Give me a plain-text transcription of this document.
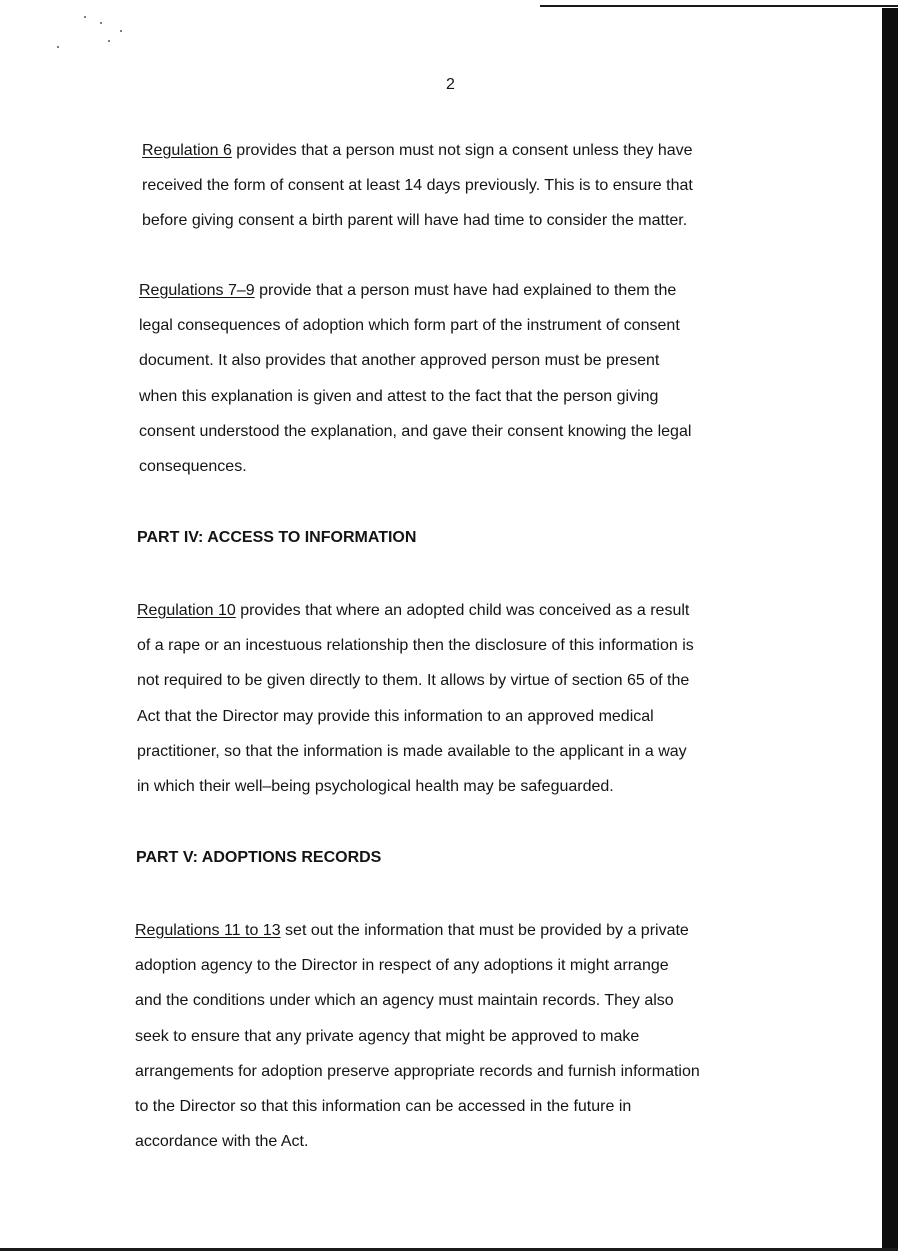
2

Regulation 6 provides that a person must not sign a consent unless they have
received the form of consent at least 14 days previously. This is to ensure that
before giving consent a birth parent will have had time to consider the matter.

Regulations 7–9 provide that a person must have had explained to them the
legal consequences of adoption which form part of the instrument of consent
document. It also provides that another approved person must be present
when this explanation is given and attest to the fact that the person giving
consent understood the explanation, and gave their consent knowing the legal
consequences.

PART IV: ACCESS TO INFORMATION

Regulation 10 provides that where an adopted child was conceived as a result
of a rape or an incestuous relationship then the disclosure of this information is
not required to be given directly to them. It allows by virtue of section 65 of the
Act that the Director may provide this information to an approved medical
practitioner, so that the information is made available to the applicant in a way
in which their well–being psychological health may be safeguarded.

PART V: ADOPTIONS RECORDS

Regulations 11 to 13 set out the information that must be provided by a private
adoption agency to the Director in respect of any adoptions it might arrange
and the conditions under which an agency must maintain records. They also
seek to ensure that any private agency that might be approved to make
arrangements for adoption preserve appropriate records and furnish information
to the Director so that this information can be accessed in the future in
accordance with the Act.
